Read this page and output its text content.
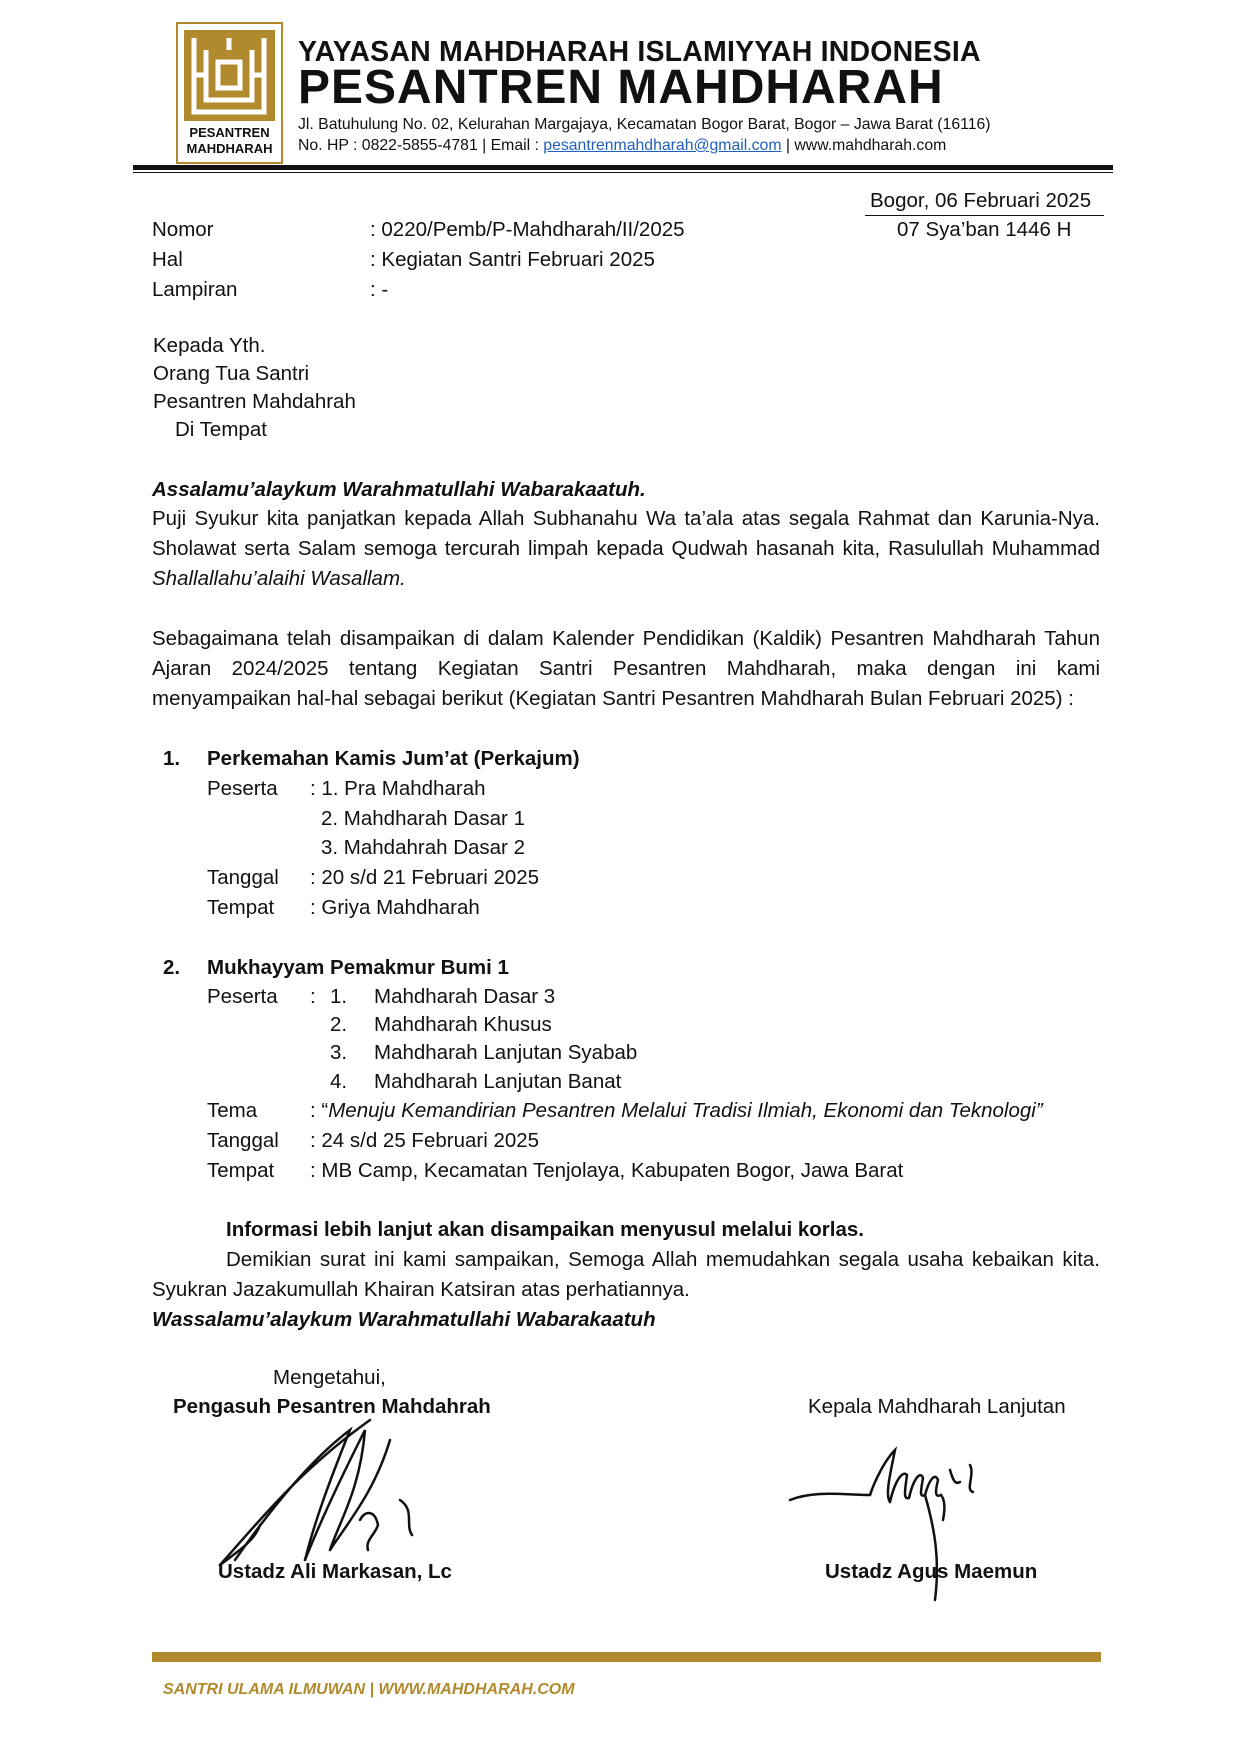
PESANTREN
MAHDHARAH
YAYASAN MAHDHARAH ISLAMIYYAH INDONESIA
PESANTREN MAHDHARAH
Jl. Batuhulung No. 02, Kelurahan Margajaya, Kecamatan Bogor Barat, Bogor – Jawa Barat (16116)
No. HP : 0822-5855-4781 | Email : pesantrenmahdharah@gmail.com | www.mahdharah.com
Bogor, 06 Februari 2025
07 Sya’ban 1446 H
Nomor	: 0220/Pemb/P-Mahdharah/II/2025
Hal	: Kegiatan Santri Februari 2025
Lampiran	: -
Kepada Yth.
Orang Tua Santri
Pesantren Mahdahrah
Di Tempat
Assalamu’alaykum Warahmatullahi Wabarakaatuh.
Puji Syukur kita panjatkan kepada Allah Subhanahu Wa ta’ala atas segala Rahmat dan Karunia-Nya.
Sholawat serta Salam semoga tercurah limpah kepada Qudwah hasanah kita, Rasulullah Muhammad
Shallallahu’alaihi Wasallam.
Sebagaimana telah disampaikan di dalam Kalender Pendidikan (Kaldik) Pesantren Mahdharah Tahun
Ajaran 2024/2025 tentang Kegiatan Santri Pesantren Mahdharah, maka dengan ini kami
menyampaikan hal-hal sebagai berikut (Kegiatan Santri Pesantren Mahdharah Bulan Februari 2025) :
1. Perkemahan Kamis Jum’at (Perkajum)
Peserta : 1. Pra Mahdharah
2. Mahdharah Dasar 1
3. Mahdahrah Dasar 2
Tanggal : 20 s/d 21 Februari 2025
Tempat : Griya Mahdharah
2. Mukhayyam Pemakmur Bumi 1
Peserta : 1. Mahdharah Dasar 3
2. Mahdharah Khusus
3. Mahdharah Lanjutan Syabab
4. Mahdharah Lanjutan Banat
Tema	: “Menuju Kemandirian Pesantren Melalui Tradisi Ilmiah, Ekonomi dan Teknologi”
Tanggal : 24 s/d 25 Februari 2025
Tempat : MB Camp, Kecamatan Tenjolaya, Kabupaten Bogor, Jawa Barat
Informasi lebih lanjut akan disampaikan menyusul melalui korlas.
Demikian surat ini kami sampaikan, Semoga Allah memudahkan segala usaha kebaikan kita.
Syukran Jazakumullah Khairan Katsiran atas perhatiannya.
Wassalamu’alaykum Warahmatullahi Wabarakaatuh
Mengetahui,
Pengasuh Pesantren Mahdahrah	Kepala Mahdharah Lanjutan
Ustadz Ali Markasan, Lc	Ustadz Agus Maemun
SANTRI ULAMA ILMUWAN | WWW.MAHDHARAH.COM
